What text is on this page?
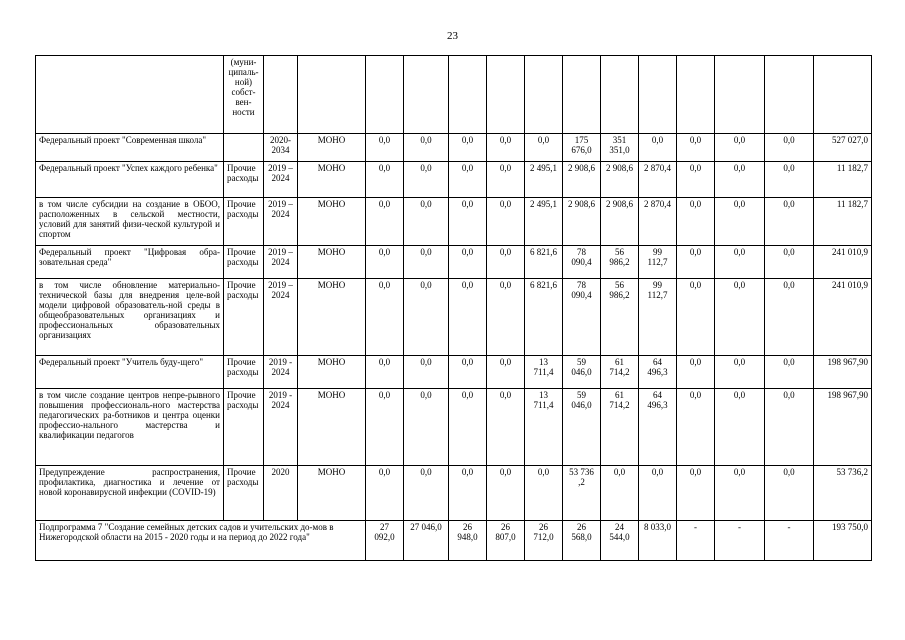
23
	(муни-ципаль-ной) собст-вен-ности														
Федеральный проект "Современная школа"		2020-2034	МОНО	0,0	0,0	0,0	0,0	0,0	175 676,0	351 351,0	0,0	0,0	0,0	0,0	527 027,0
Федеральный проект "Успех каждого ребенка"	Прочие расходы	2019 – 2024	МОНО	0,0	0,0	0,0	0,0	2 495,1	2 908,6	2 908,6	2 870,4	0,0	0,0	0,0	11 182,7
в том числе субсидии на создание в ОБОО, расположенных в сельской местности, условий для занятий физи-ческой культурой и спортом	Прочие расходы	2019 – 2024	МОНО	0,0	0,0	0,0	0,0	2 495,1	2 908,6	2 908,6	2 870,4	0,0	0,0	0,0	11 182,7
Федеральный проект "Цифровая обра-зовательная среда"	Прочие расходы	2019 – 2024	МОНО	0,0	0,0	0,0	0,0	6 821,6	78 090,4	56 986,2	99 112,7	0,0	0,0	0,0	241 010,9
в том числе обновление материально-технической базы для внедрения целе-вой модели цифровой образователь-ной среды в общеобразовательных организациях и профессиональных образовательных организациях	Прочие расходы	2019 – 2024	МОНО	0,0	0,0	0,0	0,0	6 821,6	78 090,4	56 986,2	99 112,7	0,0	0,0	0,0	241 010,9
Федеральный проект "Учитель буду-щего"	Прочие расходы	2019 - 2024	МОНО	0,0	0,0	0,0	0,0	13 711,4	59 046,0	61 714,2	64 496,3	0,0	0,0	0,0	198 967,90
в том числе создание центров непре-рывного повышения профессиональ-ного мастерства педагогических ра-ботников и центра оценки профессио-нального мастерства и квалификации педагогов	Прочие расходы	2019 - 2024	МОНО	0,0	0,0	0,0	0,0	13 711,4	59 046,0	61 714,2	64 496,3	0,0	0,0	0,0	198 967,90
Предупреждение распространения, профилактика, диагностика и лечение от новой коронавирусной инфекции (COVID-19)	Прочие расходы	2020	МОНО	0,0	0,0	0,0	0,0	0,0	53 736 ,2	0,0	0,0	0,0	0,0	0,0	53 736,2
Подпрограмма 7 "Создание семейных детских садов и учительских до-мов в Нижегородской области на 2015 - 2020 годы и на период до 2022 года"				27 092,0	27 046,0	26 948,0	26 807,0	26 712,0	26 568,0	24 544,0	8 033,0	-	-	-	193 750,0
